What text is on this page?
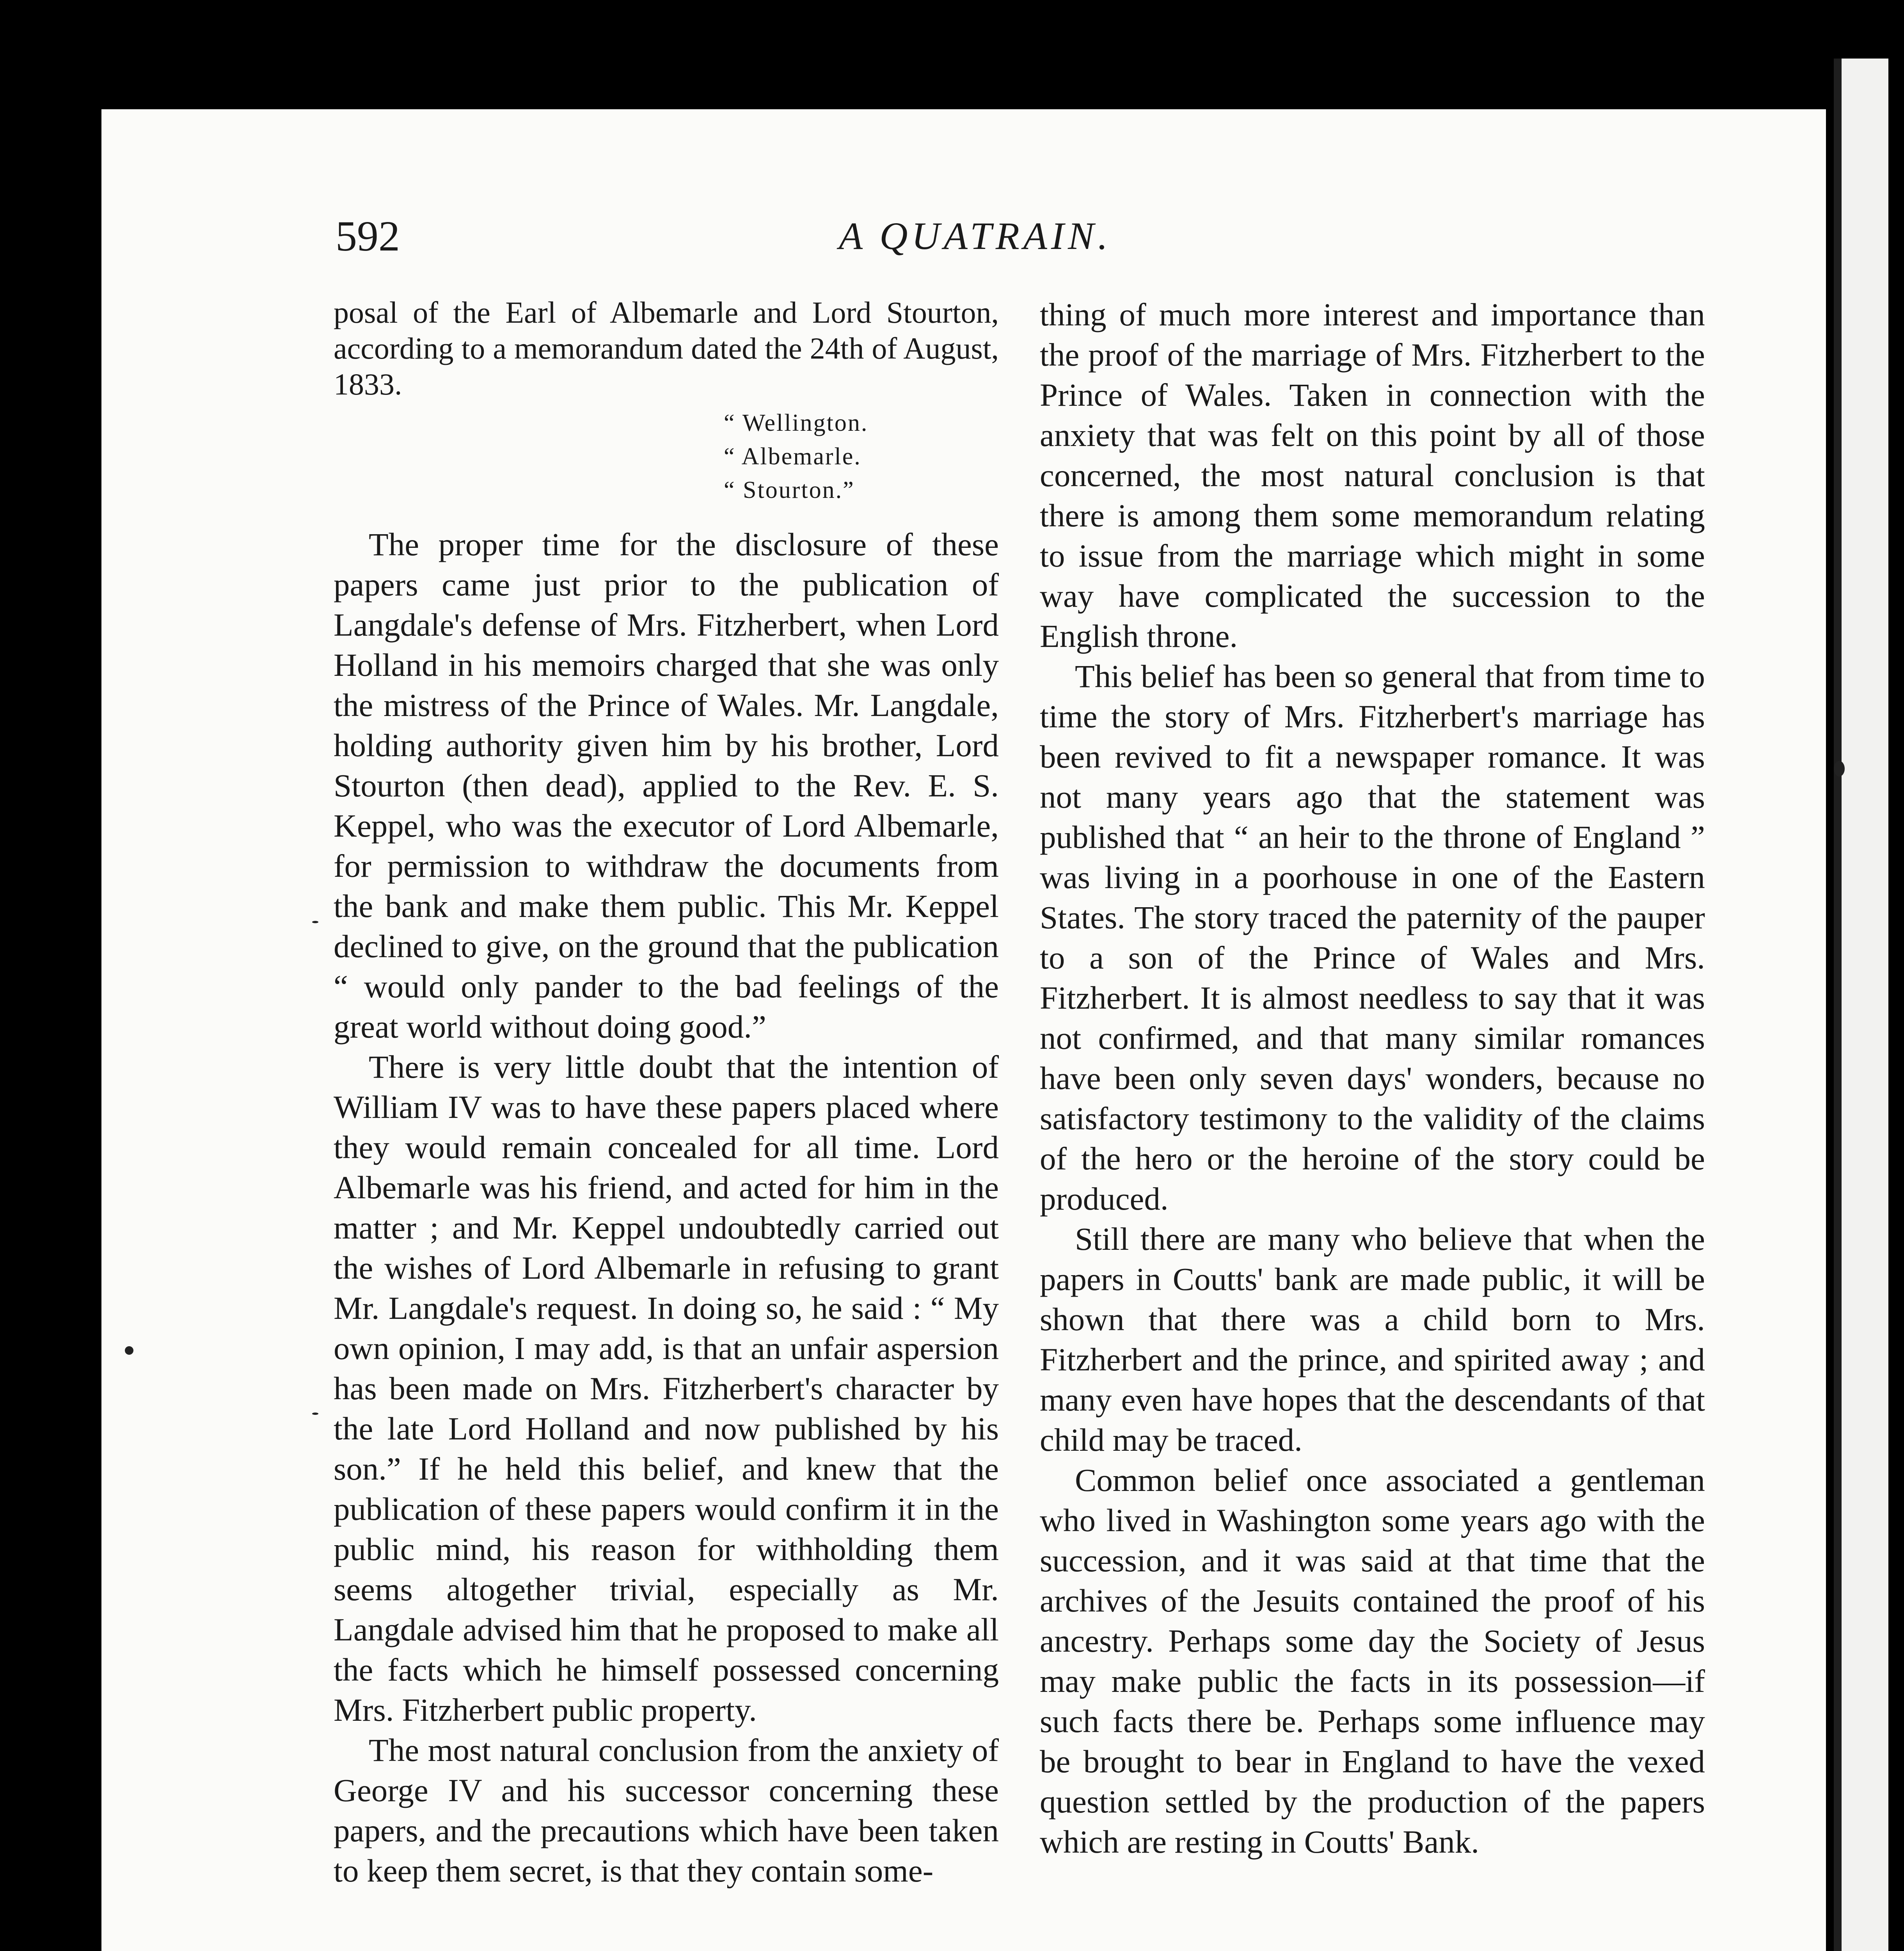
592	A QUATRAIN.

posal of the Earl of Albemarle and Lord Stourton, according to a memorandum dated the 24th of August, 1833.

“ Wellington.
“ Albemarle.
“ Stourton.”

The proper time for the disclosure of these papers came just prior to the publication of Langdale's defense of Mrs. Fitzherbert, when Lord Holland in his memoirs charged that she was only the mistress of the Prince of Wales. Mr. Langdale, holding authority given him by his brother, Lord Stourton (then dead), applied to the Rev. E. S. Keppel, who was the executor of Lord Albemarle, for permission to withdraw the documents from the bank and make them public. This Mr. Keppel declined to give, on the ground that the publication “ would only pander to the bad feelings of the great world without doing good.”

There is very little doubt that the intention of William IV was to have these papers placed where they would remain concealed for all time. Lord Albemarle was his friend, and acted for him in the matter ; and Mr. Keppel undoubtedly carried out the wishes of Lord Albemarle in refusing to grant Mr. Langdale's request. In doing so, he said : “ My own opinion, I may add, is that an unfair aspersion has been made on Mrs. Fitzherbert's character by the late Lord Holland and now published by his son.” If he held this belief, and knew that the publication of these papers would confirm it in the public mind, his reason for withholding them seems altogether trivial, especially as Mr. Langdale advised him that he proposed to make all the facts which he himself possessed concerning Mrs. Fitzherbert public property.

The most natural conclusion from the anxiety of George IV and his successor concerning these papers, and the precautions which have been taken to keep them secret, is that they contain some-

thing of much more interest and importance than the proof of the marriage of Mrs. Fitzherbert to the Prince of Wales. Taken in connection with the anxiety that was felt on this point by all of those concerned, the most natural conclusion is that there is among them some memorandum relating to issue from the marriage which might in some way have complicated the succession to the English throne.

This belief has been so general that from time to time the story of Mrs. Fitzherbert's marriage has been revived to fit a newspaper romance. It was not many years ago that the statement was published that “ an heir to the throne of England ” was living in a poorhouse in one of the Eastern States. The story traced the paternity of the pauper to a son of the Prince of Wales and Mrs. Fitzherbert. It is almost needless to say that it was not confirmed, and that many similar romances have been only seven days' wonders, because no satisfactory testimony to the validity of the claims of the hero or the heroine of the story could be produced.

Still there are many who believe that when the papers in Coutts' bank are made public, it will be shown that there was a child born to Mrs. Fitzherbert and the prince, and spirited away ; and many even have hopes that the descendants of that child may be traced.

Common belief once associated a gentleman who lived in Washington some years ago with the succession, and it was said at that time that the archives of the Jesuits contained the proof of his ancestry. Perhaps some day the Society of Jesus may make public the facts in its possession—if such facts there be. Perhaps some influence may be brought to bear in England to have the vexed question settled by the production of the papers which are resting in Coutts' Bank.
